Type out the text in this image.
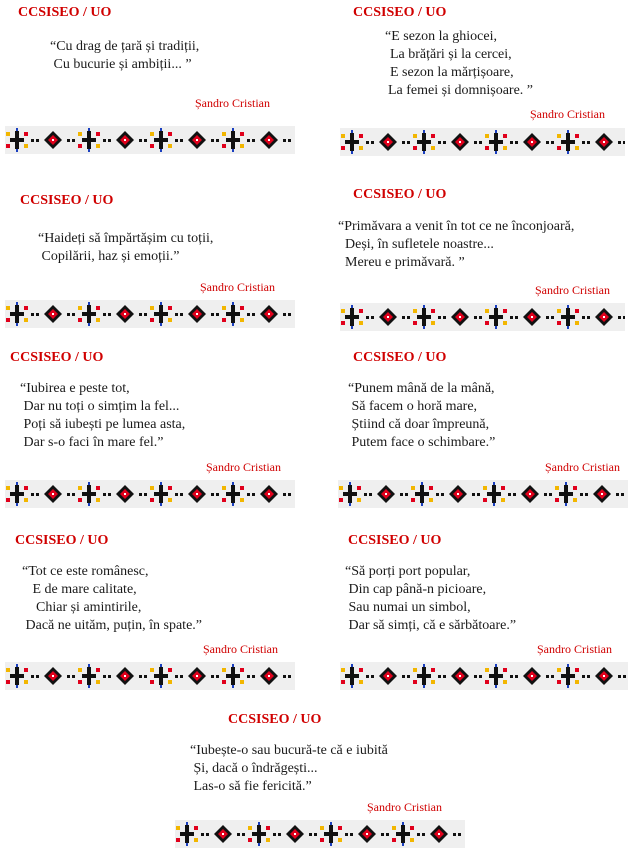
CCSISEO / UO
“Cu drag de țară și tradiții,
Cu bucurie și ambiții... ”
Șandro Cristian
CCSISEO / UO
“E sezon la ghiocei,
La brățări și la cercei,
E sezon la mărțișoare,
La femei și domnișoare. ”
Șandro Cristian
CCSISEO / UO
“Haideți să împărtășim cu toții,
Copilării, haz și emoții.”
Șandro Cristian
CCSISEO / UO
“Primăvara a venit în tot ce ne înconjoară,
Deși, în sufletele noastre...
Mereu e primăvară. ”
Șandro Cristian
CCSISEO / UO
“Iubirea e peste tot,
Dar nu toți o simțim la fel...
Poți să iubești pe lumea asta,
Dar s-o faci în mare fel.”
Șandro Cristian
CCSISEO / UO
“Punem mână de la mână,
Să facem o horă mare,
Știind că doar împreună,
Putem face o schimbare.”
Șandro Cristian
CCSISEO / UO
“Tot ce este românesc,
E de mare calitate,
Chiar și amintirile,
Dacă ne uităm, puțin, în spate.”
Șandro Cristian
CCSISEO / UO
“Să porți port popular,
Din cap până-n picioare,
Sau numai un simbol,
Dar să simți, că e sărbătoare.”
Șandro Cristian
CCSISEO / UO
“Iubește-o sau bucură-te că e iubită
Și, dacă o îndrăgești...
Las-o să fie fericită.”
Șandro Cristian
